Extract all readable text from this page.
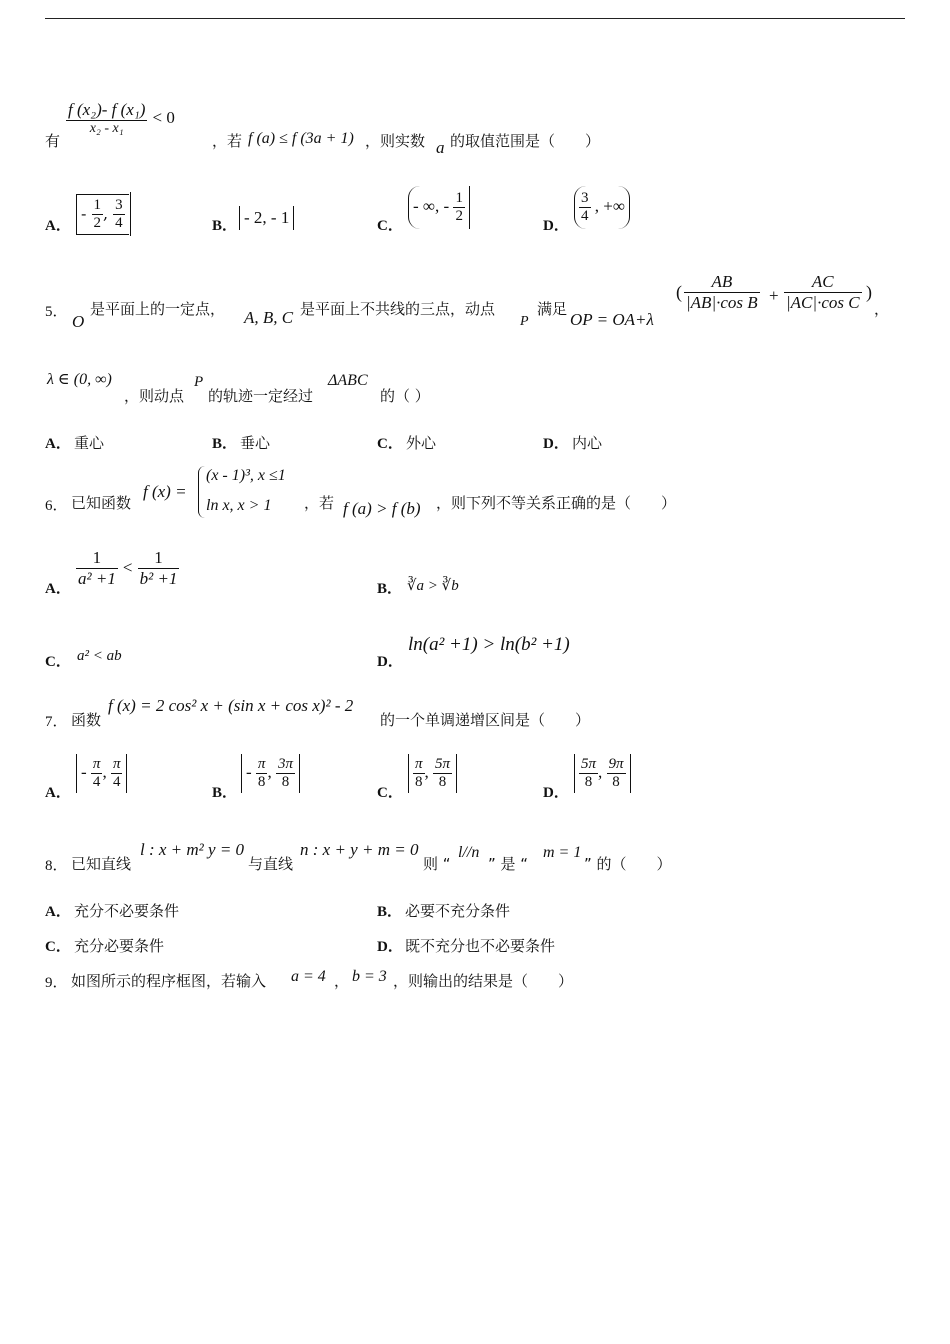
有
$\frac{\text{f (x₂)- f (x₁)}}{\text{x₂ - x₁}} < 0$
，若 f (a) ≤ f (3a + 1) ，则实数 a 的取值范围是（　　）
A．
- $\frac{1}{2}$ , $\frac{3}{4}$	B． - 2, - 1	C．
- ∞, - $\frac{1}{2}$
D．
$\frac{3}{4}$ , +∞
5． O
是平面上的一定点， A, B, C 是平面上不共线的三点，动点
P
满足
OP = OA+λ
( $\frac{AB}{\text{|AB|·cos B}} + \frac{AC}{\text{|AC|·cos C}}$ )
，
λ ∈ (0, ∞)
，则动点
P
的轨迹一定经过
ΔABC
的（ ）
A． 重心	B． 垂心	C． 外心	D． 内心
6． 已知函数
f (x) =
(x - 1)³, x ≤1
ln x, x > 1 ，若 f (a) > f (b) ，则下列不等关系正确的是（　　）
A． $\frac{1}{\text{a² +1}} < \frac{1}{\text{b² +1}}$	B． ∛a > ∛b
C． a² < ab	D．
ln(a² +1) > ln(b² +1)
7． 函数
f (x) = 2 cos² x + (sin x + cos x)² - 2
的一个单调递增区间是（　　）
A．
- $\frac{\pi}{4}$ , $\frac{\pi}{4}$
B．
- $\frac{\pi}{8}$ , $\frac{3\pi}{8}$
C．
$\frac{\pi}{8}$ , $\frac{5\pi}{8}$
D．
$\frac{5\pi}{8}$ , $\frac{9\pi}{8}$
8． 已知直线
l : x + m² y = 0
与直线
n : x + y + m = 0
则 “
l//n
” 是 “
m = 1
” 的（　　）
A． 充分不必要条件	B． 必要不充分条件
C． 充分必要条件	D． 既不充分也不必要条件
9． 如图所示的程序框图，若输入 a = 4 ， b = 3 ，则输出的结果是（　　）
